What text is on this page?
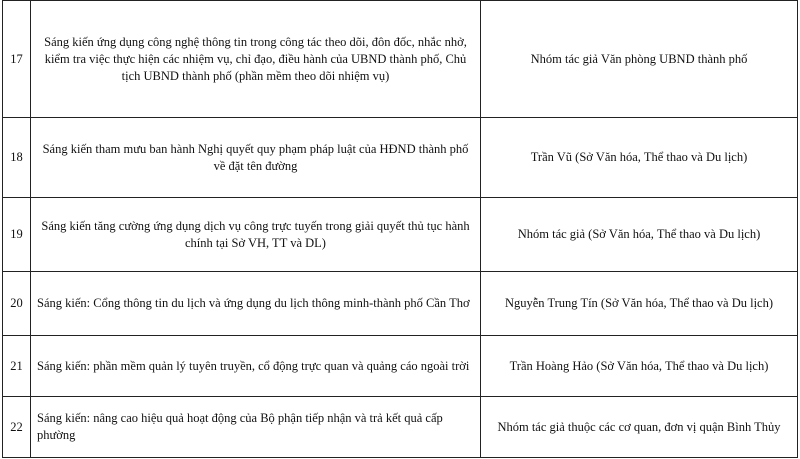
17	Sáng kiến ứng dụng công nghệ thông tin trong công tác theo dõi, đôn đốc, nhắc nhở, kiểm tra việc thực hiện các nhiệm vụ, chỉ đạo, điều hành của UBND thành phố, Chủ tịch UBND thành phố (phần mềm theo dõi nhiệm vụ)	Nhóm tác giả Văn phòng UBND thành phố
18	Sáng kiến tham mưu ban hành Nghị quyết quy phạm pháp luật của HĐND thành phố về đặt tên đường	Trần Vũ (Sở Văn hóa, Thể thao và Du lịch)
19	Sáng kiến tăng cường ứng dụng dịch vụ công trực tuyến trong giải quyết thủ tục hành chính tại Sở VH, TT và DL)	Nhóm tác giả (Sở Văn hóa, Thể thao và Du lịch)
20	Sáng kiến: Cổng thông tin du lịch và ứng dụng du lịch thông minh-thành phố Cần Thơ	Nguyễn Trung Tín (Sở Văn hóa, Thể thao và Du lịch)
21	Sáng kiến: phần mềm quản lý tuyên truyền, cổ động trực quan và quảng cáo ngoài trời	Trần Hoàng Hảo (Sở Văn hóa, Thể thao và Du lịch)
22	Sáng kiến: nâng cao hiệu quả hoạt động của Bộ phận tiếp nhận và trả kết quả cấp phường	Nhóm tác giả thuộc các cơ quan, đơn vị quận Bình Thủy
